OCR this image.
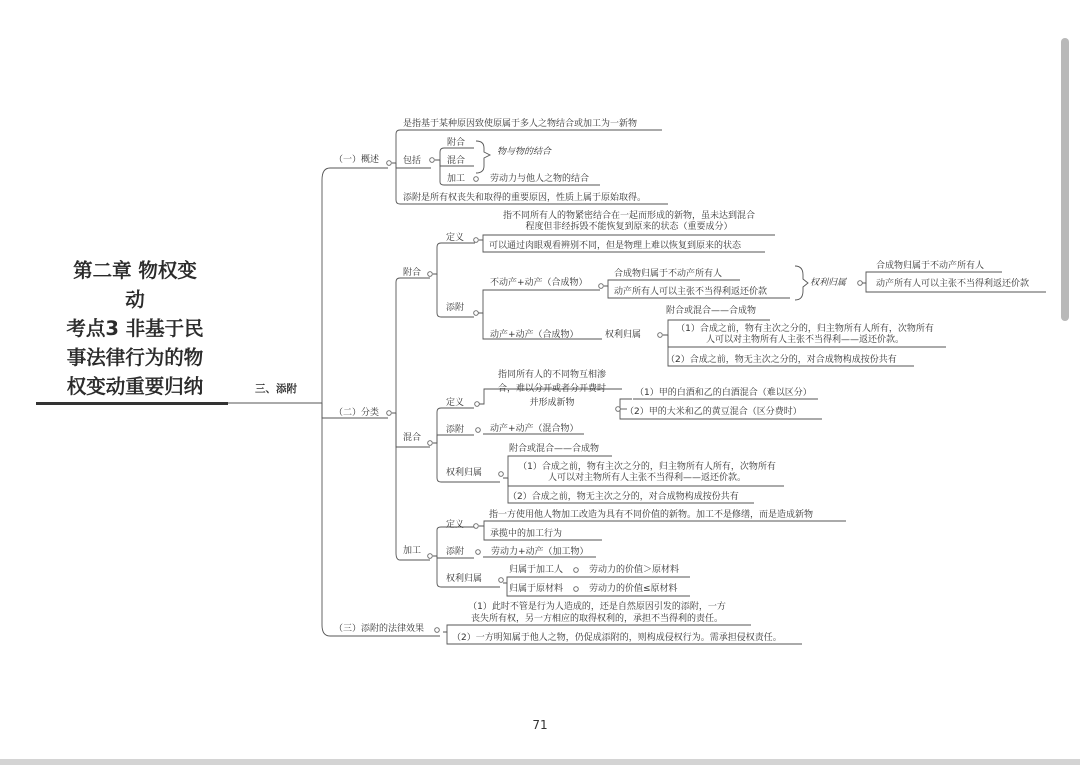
第二章 物权变
动
考点3 非基于民
事法律行为的物
权变动重要归纳	三、添附
（一）概述
是指基于某种原因致使原属于多人之物结合或加工为一新物
包括
附合
混合
加工
物与物的结合
劳动力与他人之物的结合
添附是所有权丧失和取得的重要原因，性质上属于原始取得。
（二）分类
附合
定义
指不同所有人的物紧密结合在一起而形成的新物，虽未达到混合
程度但非经拆毁不能恢复到原来的状态（重要成分）
可以通过肉眼观看辨别不同，但是物理上难以恢复到原来的状态
添附
不动产+动产（合成物）
合成物归属于不动产所有人
动产所有人可以主张不当得利返还价款
权利归属
合成物归属于不动产所有人
动产所有人可以主张不当得利返还价款
动产+动产（合成物）	权利归属
附合或混合——合成物
（1）合成之前，物有主次之分的，归主物所有人所有，次物所有
人可以对主物所有人主张不当得利——返还价款。
（2）合成之前，物无主次之分的，对合成物构成按份共有
混合
定义
指同所有人的不同物互相渗
合，难以分开或者分开费时
并形成新物
（1）甲的白酒和乙的白酒混合（难以区分）
（2）甲的大米和乙的黄豆混合（区分费时）
添附	动产+动产（混合物）
权利归属
附合或混合——合成物
（1）合成之前，物有主次之分的，归主物所有人所有，次物所有
人可以对主物所有人主张不当得利——返还价款。
（2）合成之前，物无主次之分的，对合成物构成按份共有
加工
定义
指一方使用他人物加工改造为具有不同价值的新物。加工不是修缮，而是造成新物
承揽中的加工行为
添附	劳动力+动产（加工物）
权利归属
归属于加工人	劳动力的价值＞原材料
归属于原材料	劳动力的价值≤原材料
（三）添附的法律效果
（1）此时不管是行为人造成的，还是自然原因引发的添附，一方
丧失所有权，另一方相应的取得权利的，承担不当得利的责任。
（2）一方明知属于他人之物，仍促成添附的，则构成侵权行为。需承担侵权责任。
71
